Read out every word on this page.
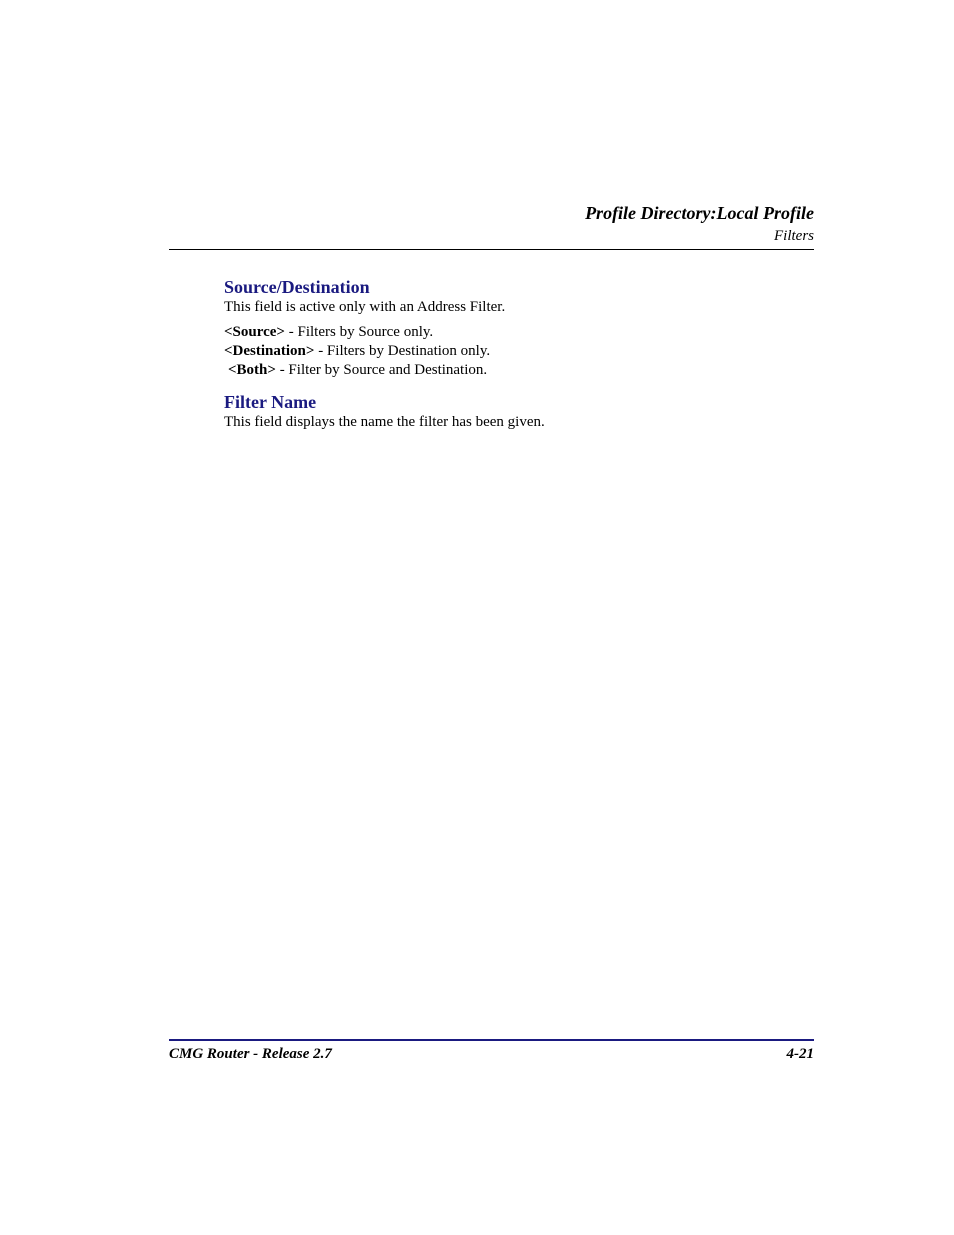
Profile Directory:Local Profile
Filters
Source/Destination

This field is active only with an Address Filter.

<Source> - Filters by Source only.
<Destination> - Filters by Destination only.
<Both> - Filter by Source and Destination.
Filter Name

This field displays the name the filter has been given.

CMG Router - Release 2.7	4-21
